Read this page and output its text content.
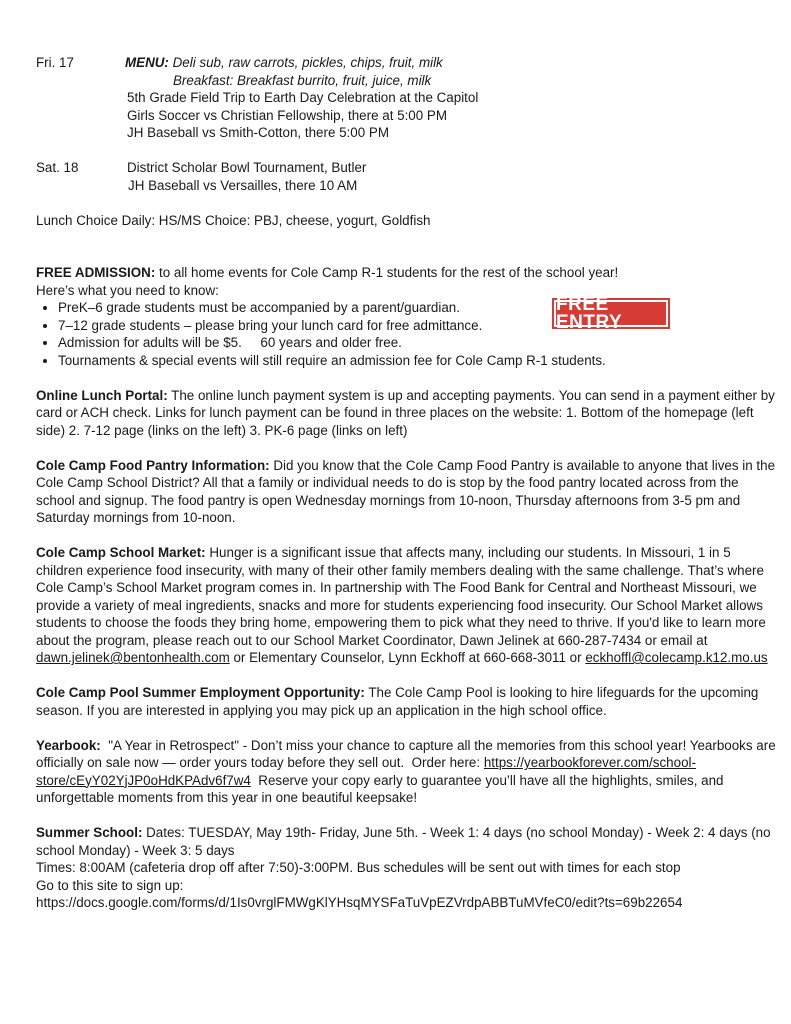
Fri. 17	MENU: Deli sub, raw carrots, pickles, chips, fruit, milk
Breakfast: Breakfast burrito, fruit, juice, milk
5th Grade Field Trip to Earth Day Celebration at the Capitol
Girls Soccer vs Christian Fellowship, there at 5:00 PM
JH Baseball vs Smith-Cotton, there 5:00 PM
Sat. 18	District Scholar Bowl Tournament, Butler
JH Baseball vs Versailles, there 10 AM
Lunch Choice Daily: HS/MS Choice: PBJ, cheese, yogurt, Goldfish
FREE ADMISSION: to all home events for Cole Camp R-1 students for the rest of the school year!
Here’s what you need to know:
• PreK–6 grade students must be accompanied by a parent/guardian.
• 7–12 grade students – please bring your lunch card for free admittance.
• Admission for adults will be $5.     60 years and older free.
• Tournaments & special events will still require an admission fee for Cole Camp R-1 students.
Online Lunch Portal: The online lunch payment system is up and accepting payments. You can send in a payment either by card or ACH check. Links for lunch payment can be found in three places on the website: 1. Bottom of the homepage (left side) 2. 7-12 page (links on the left) 3. PK-6 page (links on left)
Cole Camp Food Pantry Information: Did you know that the Cole Camp Food Pantry is available to anyone that lives in the Cole Camp School District? All that a family or individual needs to do is stop by the food pantry located across from the school and signup. The food pantry is open Wednesday mornings from 10-noon, Thursday afternoons from 3-5 pm and Saturday mornings from 10-noon.
Cole Camp School Market: Hunger is a significant issue that affects many, including our students. In Missouri, 1 in 5 children experience food insecurity, with many of their other family members dealing with the same challenge. That’s where Cole Camp’s School Market program comes in. In partnership with The Food Bank for Central and Northeast Missouri, we provide a variety of meal ingredients, snacks and more for students experiencing food insecurity. Our School Market allows students to choose the foods they bring home, empowering them to pick what they need to thrive. If you'd like to learn more about the program, please reach out to our School Market Coordinator, Dawn Jelinek at 660-287-7434 or email at dawn.jelinek@bentonhealth.com or Elementary Counselor, Lynn Eckhoff at 660-668-3011 or eckhoffl@colecamp.k12.mo.us
Cole Camp Pool Summer Employment Opportunity: The Cole Camp Pool is looking to hire lifeguards for the upcoming season. If you are interested in applying you may pick up an application in the high school office.
Yearbook:  "A Year in Retrospect" - Don’t miss your chance to capture all the memories from this school year! Yearbooks are officially on sale now — order yours today before they sell out.  Order here: https://yearbookforever.com/school-store/cEyY02YjJP0oHdKPAdv6f7w4  Reserve your copy early to guarantee you’ll have all the highlights, smiles, and unforgettable moments from this year in one beautiful keepsake!
Summer School: Dates: TUESDAY, May 19th- Friday, June 5th. - Week 1: 4 days (no school Monday) - Week 2: 4 days (no school Monday) - Week 3: 5 days
Times: 8:00AM (cafeteria drop off after 7:50)-3:00PM. Bus schedules will be sent out with times for each stop
Go to this site to sign up:
https://docs.google.com/forms/d/1Is0vrglFMWgKlYHsqMYSFaTuVpEZVrdpABBTuMVfeC0/edit?ts=69b22654
FREE ENTRY
